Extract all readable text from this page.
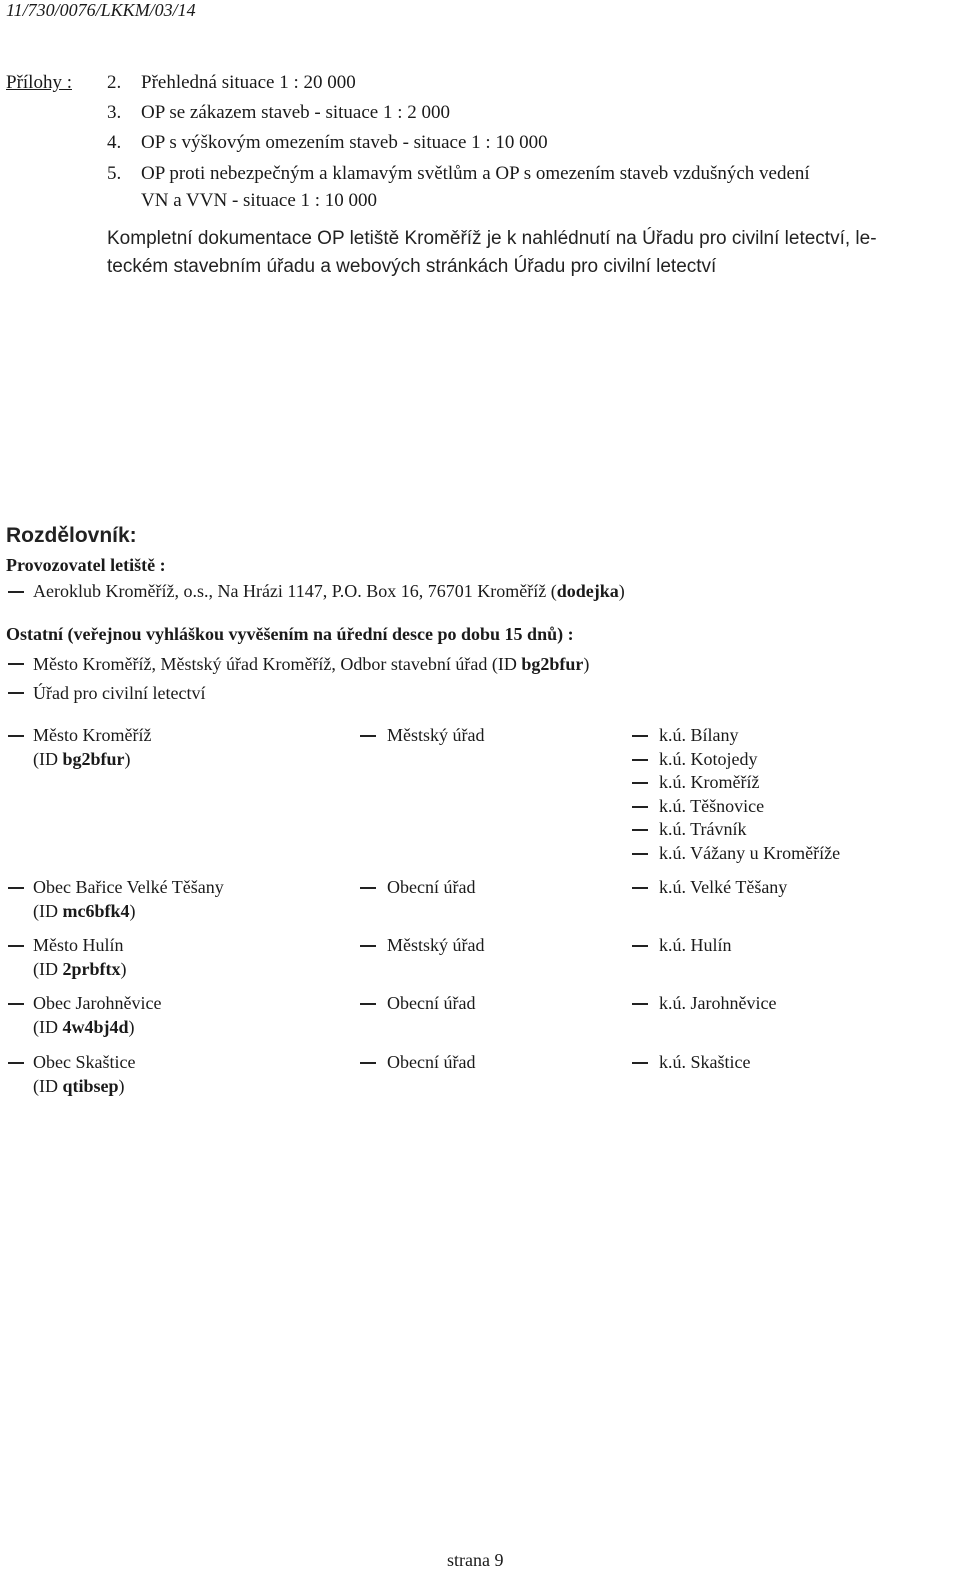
11/730/0076/LKKM/03/14
Přílohy : 2. Přehledná situace 1 : 20 000
3. OP se zákazem staveb - situace 1 : 2 000
4. OP s výškovým omezením staveb - situace 1 : 10 000
5. OP proti nebezpečným a klamavým světlům a OP s omezením staveb vzdušných vedení
VN a VVN - situace 1 : 10 000
Kompletní dokumentace OP letiště Kroměříž je k nahlédnutí na Úřadu pro civilní letectví, le-
teckém stavebním úřadu a webových stránkách Úřadu pro civilní letectví
Rozdělovník:
Provozovatel letiště :
Aeroklub Kroměříž, o.s., Na Hrázi 1147, P.O. Box 16, 76701 Kroměříž (dodejka)
Ostatní (veřejnou vyhláškou vyvěšením na úřední desce po dobu 15 dnů) :
Město Kroměříž, Městský úřad Kroměříž, Odbor stavební úřad (ID bg2bfur)
Úřad pro civilní letectví
Město Kroměříž
(ID bg2bfur)
Městský úřad	k.ú. Bílany
k.ú. Kotojedy
k.ú. Kroměříž
k.ú. Těšnovice
k.ú. Trávník
k.ú. Vážany u Kroměříže
Obec Bařice Velké Těšany
(ID mc6bfk4)
Obecní úřad	k.ú. Velké Těšany
Město Hulín
(ID 2prbftx)
Městský úřad	k.ú. Hulín
Obec Jarohněvice
(ID 4w4bj4d)
Obecní úřad	k.ú. Jarohněvice
Obec Skaštice
(ID qtibsep)
Obecní úřad	k.ú. Skaštice
strana 9
